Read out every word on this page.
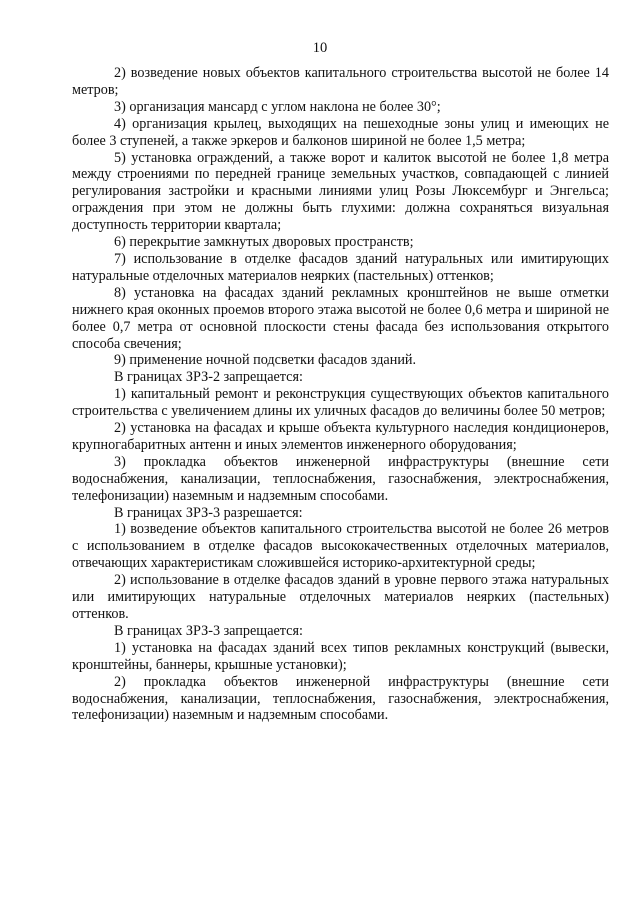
10

2) возведение новых объектов капитального строительства высотой не более 14 метров;

3) организация мансард с углом наклона не более 30°;

4) организация крылец, выходящих на пешеходные зоны улиц и имеющих не более 3 ступеней, а также эркеров и балконов шириной не более 1,5 метра;

5) установка ограждений, а также ворот и калиток высотой не более 1,8 метра между строениями по передней границе земельных участков, совпадающей с линией регулирования застройки и красными линиями улиц Розы Люксембург и Энгельса; ограждения при этом не должны быть глухими: должна сохраняться визуальная доступность территории квартала;

6) перекрытие замкнутых дворовых пространств;

7) использование в отделке фасадов зданий натуральных или имитирующих натуральные отделочных материалов неярких (пастельных) оттенков;

8) установка на фасадах зданий рекламных кронштейнов не выше отметки нижнего края оконных проемов второго этажа высотой не более 0,6 метра и шириной не более 0,7 метра от основной плоскости стены фасада без использования открытого способа свечения;

9) применение ночной подсветки фасадов зданий.

В границах ЗРЗ-2 запрещается:

1) капитальный ремонт и реконструкция существующих объектов капитального строительства с увеличением длины их уличных фасадов до величины более 50 метров;

2) установка на фасадах и крыше объекта культурного наследия кондиционеров, крупногабаритных антенн и иных элементов инженерного оборудования;

3) прокладка объектов инженерной инфраструктуры (внешние сети водоснабжения, канализации, теплоснабжения, газоснабжения, электроснабжения, телефонизации) наземным и надземным способами.

В границах ЗРЗ-3 разрешается:

1) возведение объектов капитального строительства высотой не более 26 метров с использованием в отделке фасадов высококачественных отделочных материалов, отвечающих характеристикам сложившейся историко-архитектурной среды;

2) использование в отделке фасадов зданий в уровне первого этажа натуральных или имитирующих натуральные отделочных материалов неярких (пастельных) оттенков.

В границах ЗРЗ-3 запрещается:

1) установка на фасадах зданий всех типов рекламных конструкций (вывески, кронштейны, баннеры, крышные установки);

2) прокладка объектов инженерной инфраструктуры (внешние сети водоснабжения, канализации, теплоснабжения, газоснабжения, электроснабжения, телефонизации) наземным и надземным способами.
